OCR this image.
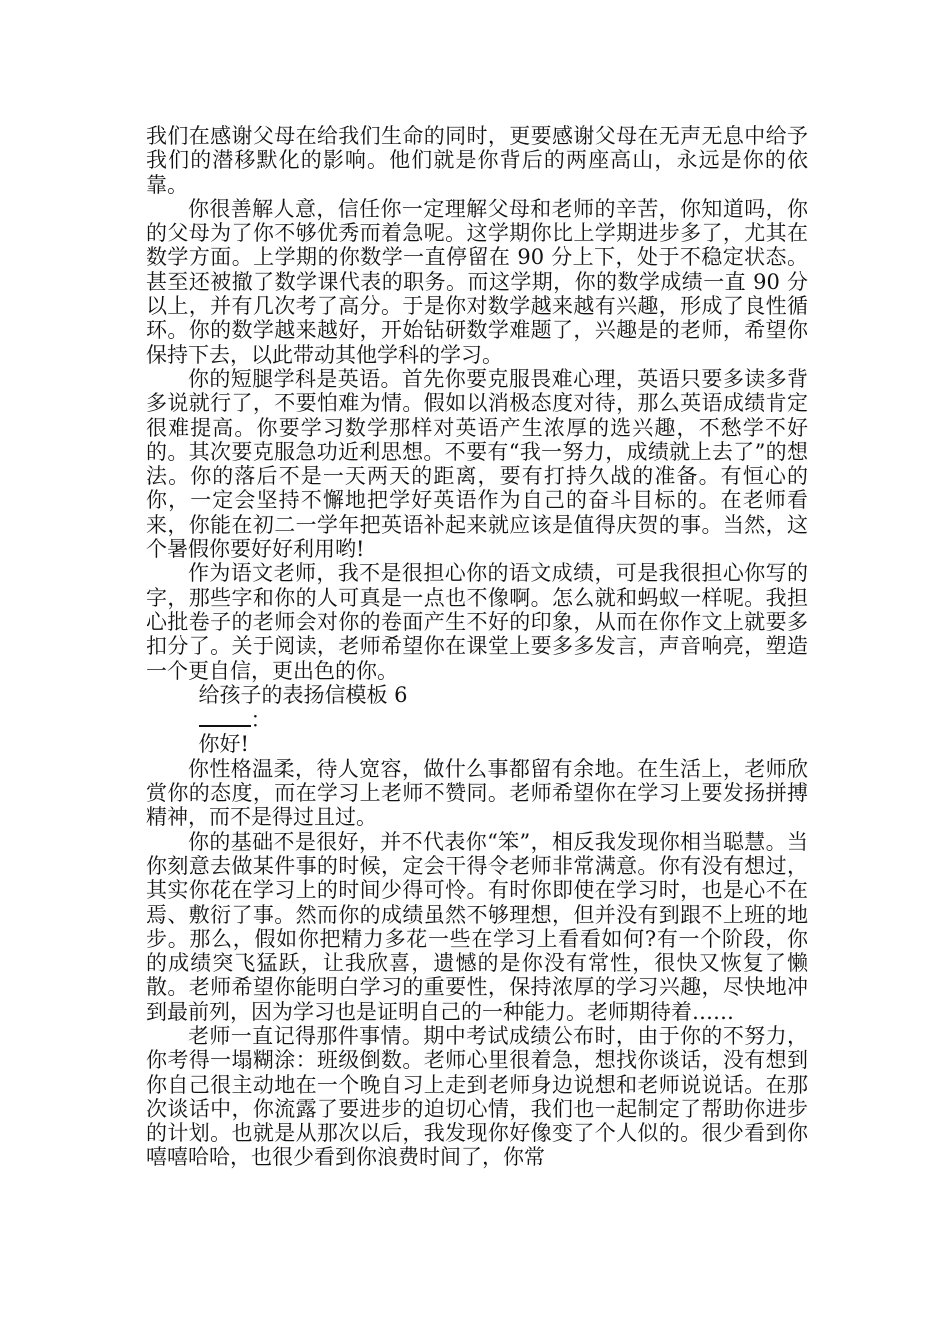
我们在感谢父母在给我们生命的同时，更要感谢父母在无声无息中给予我们的潜移默化的影响。他们就是你背后的两座高山，永远是你的依靠。

你很善解人意，信任你一定理解父母和老师的辛苦，你知道吗，你的父母为了你不够优秀而着急呢。这学期你比上学期进步多了，尤其在数学方面。上学期的你数学一直停留在 90 分上下，处于不稳定状态。甚至还被撤了数学课代表的职务。而这学期，你的数学成绩一直 90 分以上，并有几次考了高分。于是你对数学越来越有兴趣，形成了良性循环。你的数学越来越好，开始钻研数学难题了，兴趣是的老师，希望你保持下去，以此带动其他学科的学习。

你的短腿学科是英语。首先你要克服畏难心理，英语只要多读多背多说就行了，不要怕难为情。假如以消极态度对待，那么英语成绩肯定很难提高。你要学习数学那样对英语产生浓厚的选兴趣，不愁学不好的。其次要克服急功近利思想。不要有“我一努力，成绩就上去了”的想法。你的落后不是一天两天的距离，要有打持久战的准备。有恒心的你，一定会坚持不懈地把学好英语作为自己的奋斗目标的。在老师看来，你能在初二一学年把英语补起来就应该是值得庆贺的事。当然，这个暑假你要好好利用哟!

作为语文老师，我不是很担心你的语文成绩，可是我很担心你写的字，那些字和你的人可真是一点也不像啊。怎么就和蚂蚁一样呢。我担心批卷子的老师会对你的卷面产生不好的印象，从而在你作文上就要多扣分了。关于阅读，老师希望你在课堂上要多多发言，声音响亮，塑造一个更自信，更出色的你。

给孩子的表扬信模板 6

：

你好!

你性格温柔，待人宽容，做什么事都留有余地。在生活上，老师欣赏你的态度，而在学习上老师不赞同。老师希望你在学习上要发扬拼搏精神，而不是得过且过。

你的基础不是很好，并不代表你“笨”，相反我发现你相当聪慧。当你刻意去做某件事的时候，定会干得令老师非常满意。你有没有想过，其实你花在学习上的时间少得可怜。有时你即使在学习时，也是心不在焉、敷衍了事。然而你的成绩虽然不够理想，但并没有到跟不上班的地步。那么，假如你把精力多花一些在学习上看看如何?有一个阶段，你的成绩突飞猛跃，让我欣喜，遗憾的是你没有常性，很快又恢复了懒散。老师希望你能明白学习的重要性，保持浓厚的学习兴趣，尽快地冲到最前列，因为学习也是证明自己的一种能力。老师期待着……

老师一直记得那件事情。期中考试成绩公布时，由于你的不努力，你考得一塌糊涂：班级倒数。老师心里很着急，想找你谈话，没有想到你自己很主动地在一个晚自习上走到老师身边说想和老师说说话。在那次谈话中，你流露了要进步的迫切心情，我们也一起制定了帮助你进步的计划。也就是从那次以后，我发现你好像变了个人似的。很少看到你嘻嘻哈哈，也很少看到你浪费时间了，你常
